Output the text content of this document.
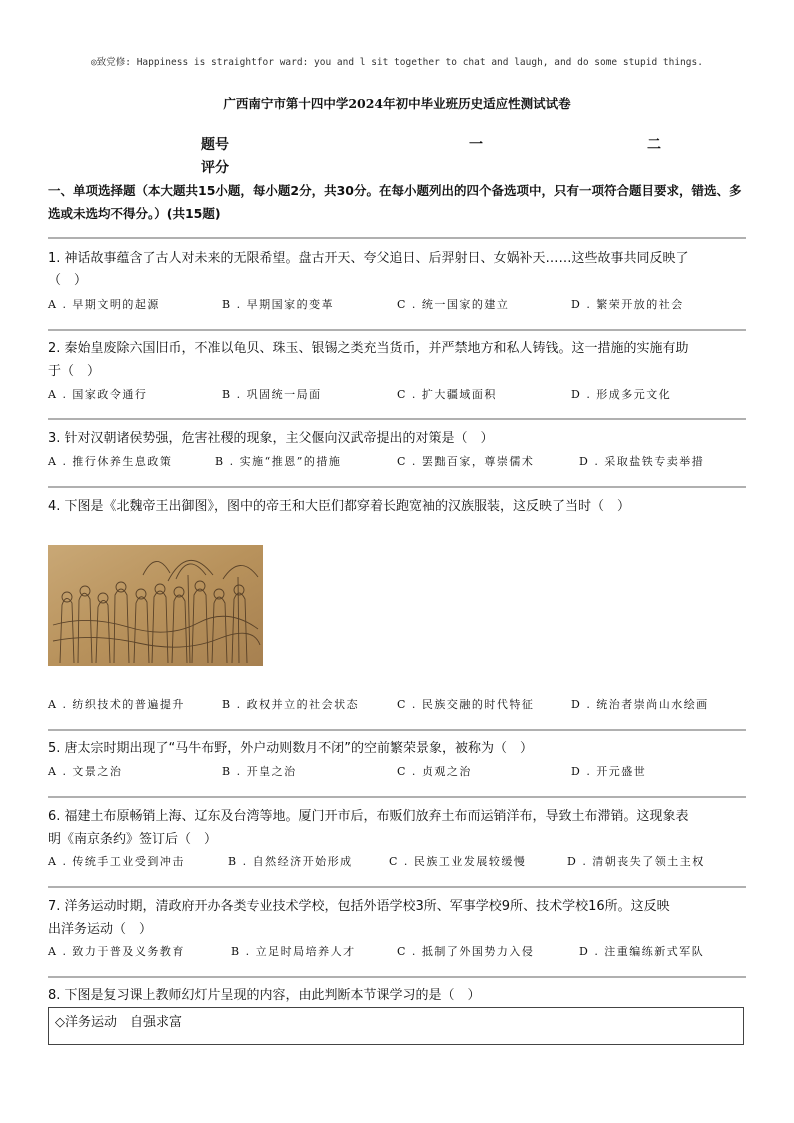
◎致党修: Happiness is straightfor ward: you and l sit together to chat and laugh, and do some stupid things.
广西南宁市第十四中学2024年初中毕业班历史适应性测试试卷
题号	一	二
评分
一、单项选择题（本大题共15小题，每小题2分，共30分。在每小题列出的四个备选项中，只有一项符合题目要求，错选、多选或未选均不得分。）(共15题)
1. 神话故事蕴含了古人对未来的无限希望。盘古开天、夸父追日、后羿射日、女娲补天……这些故事共同反映了
（　）
A . 早期文明的起源	B . 早期国家的变革	C . 统一国家的建立	D . 繁荣开放的社会
2. 秦始皇废除六国旧币，不准以龟贝、珠玉、银锡之类充当货币，并严禁地方和私人铸钱。这一措施的实施有助
于（　）
A . 国家政令通行	B . 巩固统一局面	C . 扩大疆域面积	D . 形成多元文化
3. 针对汉朝诸侯势强，危害社稷的现象，主父偃向汉武帝提出的对策是（　）
A . 推行休养生息政策	B . 实施“推恩”的措施	C . 罢黜百家，尊崇儒术	D . 采取盐铁专卖举措
4. 下图是《北魏帝王出御图》，图中的帝王和大臣们都穿着长跑宽袖的汉族服装，这反映了当时（　）
A . 纺织技术的普遍提升	B . 政权并立的社会状态	C . 民族交融的时代特征	D . 统治者崇尚山水绘画
5. 唐太宗时期出现了“马牛布野，外户动则数月不闭”的空前繁荣景象，被称为（　）
A . 文景之治	B . 开皇之治	C . 贞观之治	D . 开元盛世
6. 福建土布原畅销上海、辽东及台湾等地。厦门开市后，布贩们放弃土布而运销洋布，导致土布滞销。这现象表
明《南京条约》签订后（　）
A . 传统手工业受到冲击	B . 自然经济开始形成	C . 民族工业发展较缓慢	D . 清朝丧失了领土主权
7. 洋务运动时期，清政府开办各类专业技术学校，包括外语学校3所、军事学校9所、技术学校16所。这反映
出洋务运动（　）
A . 致力于普及义务教育	B . 立足时局培养人才	C . 抵制了外国势力入侵	D . 注重编练新式军队
8. 下图是复习课上教师幻灯片呈现的内容，由此判断本节课学习的是（　）
◇洋务运动　自强求富
